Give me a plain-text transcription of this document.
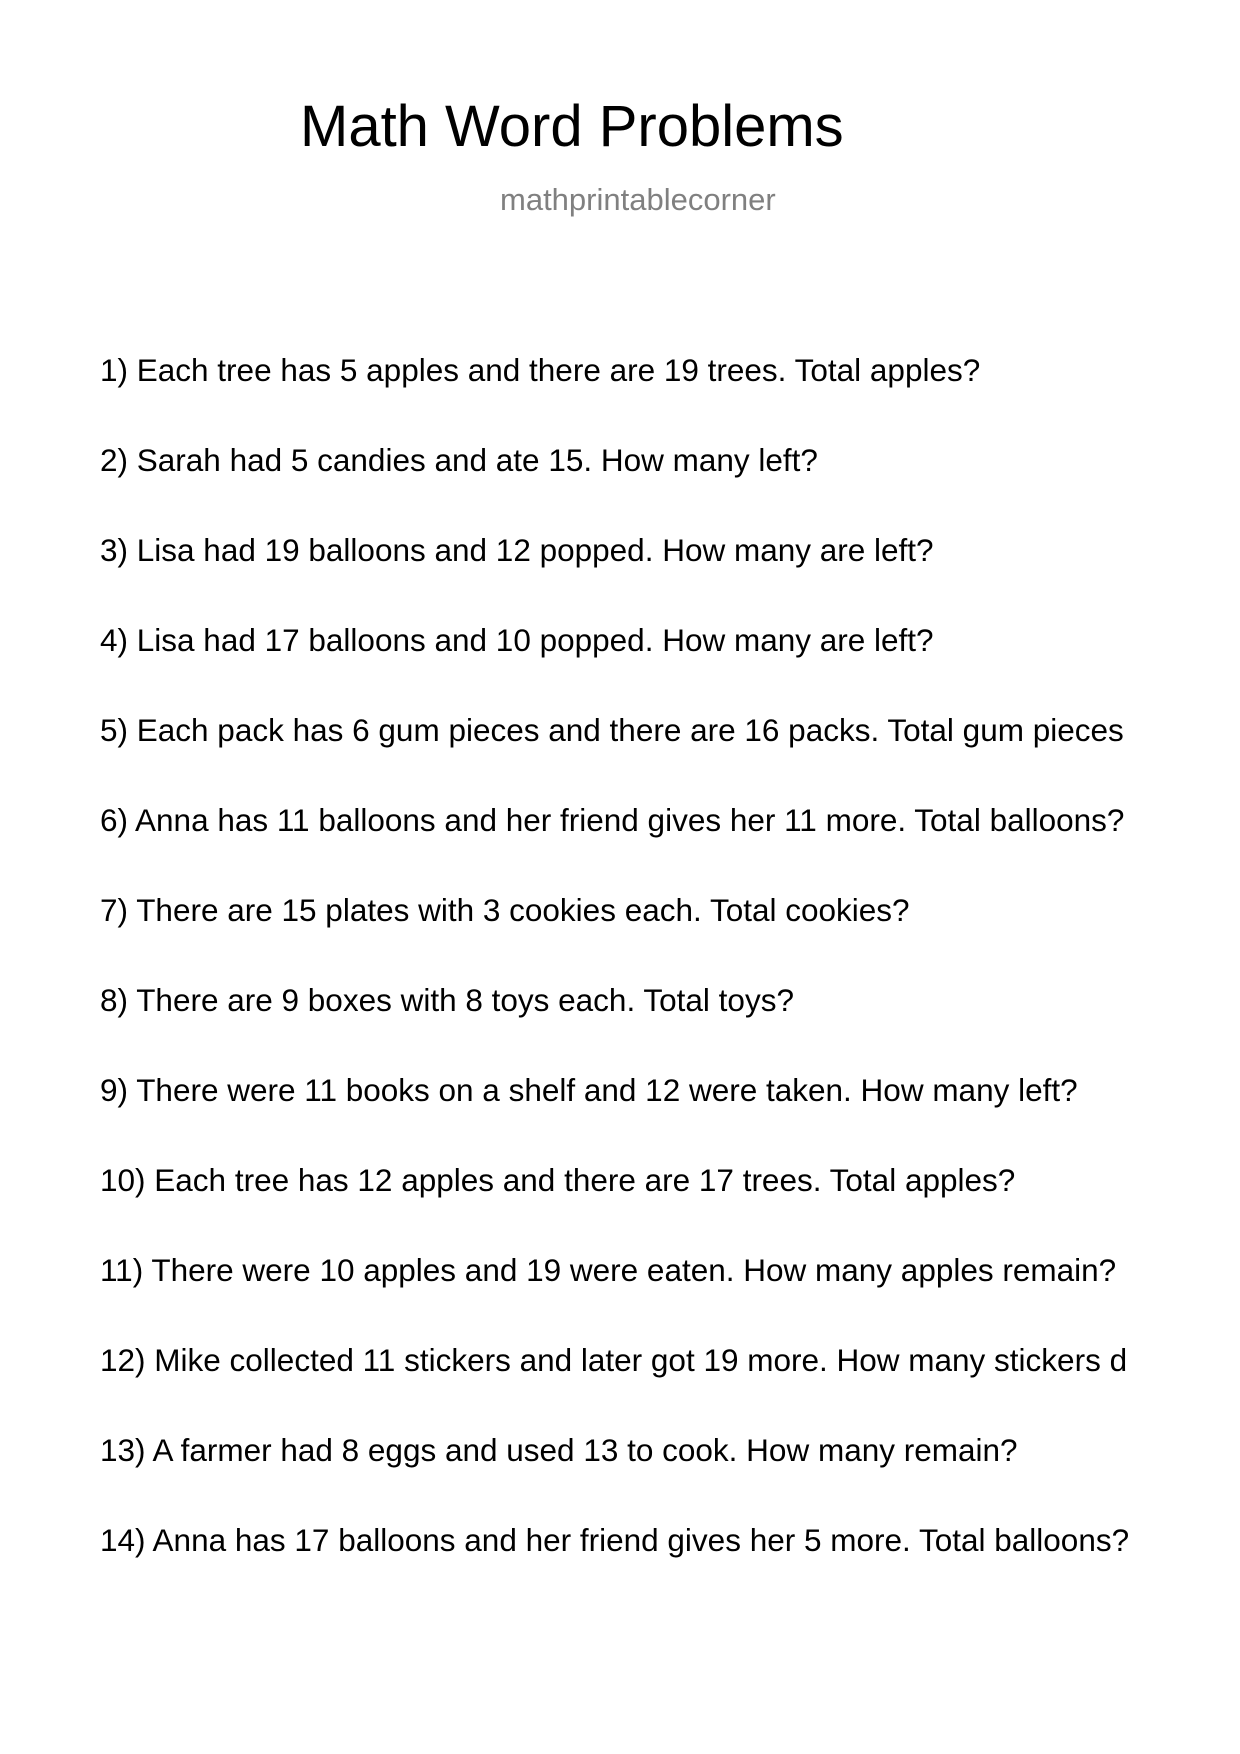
Math Word Problems
mathprintablecorner
1) Each tree has 5 apples and there are 19 trees. Total apples?
2) Sarah had 5 candies and ate 15. How many left?
3) Lisa had 19 balloons and 12 popped. How many are left?
4) Lisa had 17 balloons and 10 popped. How many are left?
5) Each pack has 6 gum pieces and there are 16 packs. Total gum pieces
6) Anna has 11 balloons and her friend gives her 11 more. Total balloons?
7) There are 15 plates with 3 cookies each. Total cookies?
8) There are 9 boxes with 8 toys each. Total toys?
9) There were 11 books on a shelf and 12 were taken. How many left?
10) Each tree has 12 apples and there are 17 trees. Total apples?
11) There were 10 apples and 19 were eaten. How many apples remain?
12) Mike collected 11 stickers and later got 19 more. How many stickers d
13) A farmer had 8 eggs and used 13 to cook. How many remain?
14) Anna has 17 balloons and her friend gives her 5 more. Total balloons?
